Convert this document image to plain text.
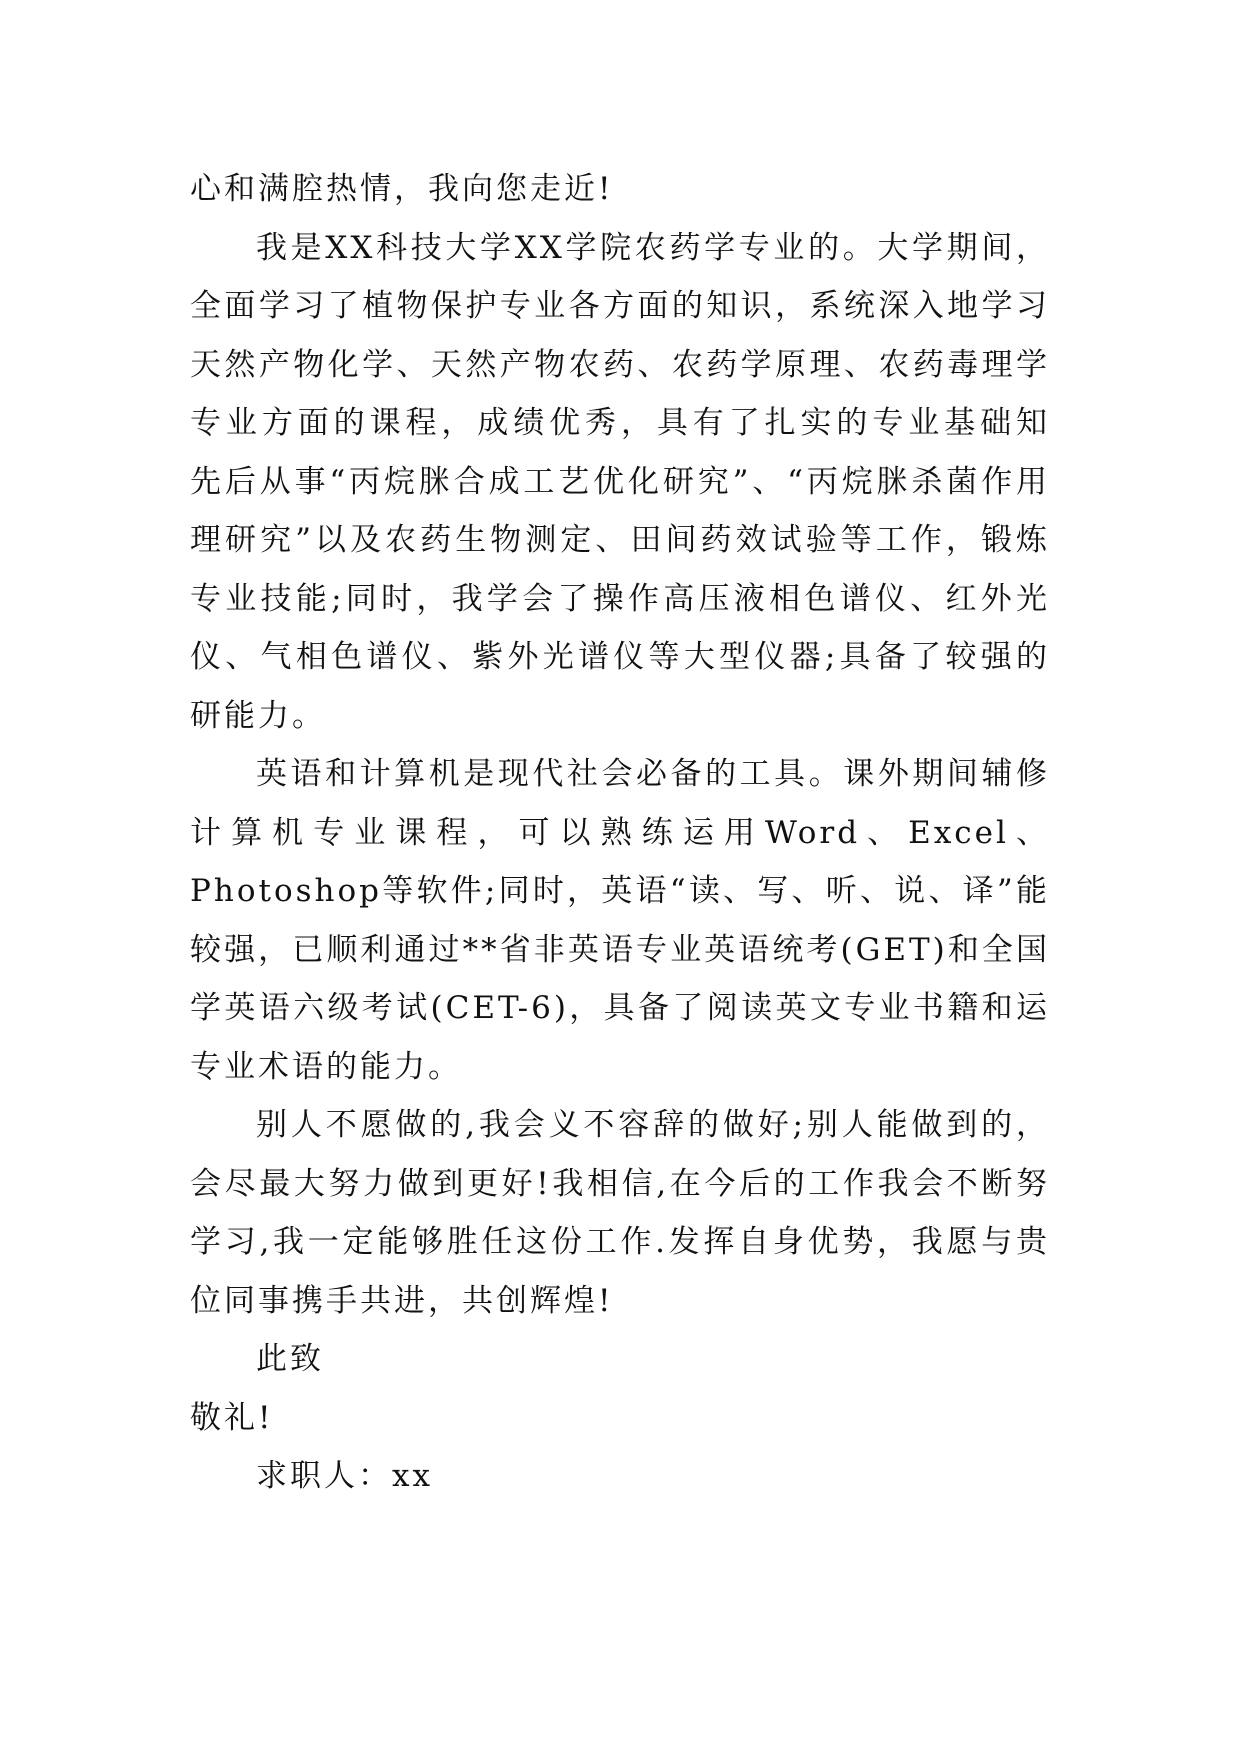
心和满腔热情，我向您走近!
我是XX科技大学XX学院农药学专业的。大学期间，
全面学习了植物保护专业各方面的知识，系统深入地学习
天然产物化学、天然产物农药、农药学原理、农药毒理学
专业方面的课程，成绩优秀，具有了扎实的专业基础知
先后从事“丙烷脒合成工艺优化研究”、“丙烷脒杀菌作用
理研究”以及农药生物测定、田间药效试验等工作，锻炼
专业技能;同时，我学会了操作高压液相色谱仪、红外光
仪、气相色谱仪、紫外光谱仪等大型仪器;具备了较强的
研能力。
英语和计算机是现代社会必备的工具。课外期间辅修
计算机专业课程，可以熟练运用Word、Excel、
Photoshop等软件;同时，英语“读、写、听、说、译”能
较强，已顺利通过**省非英语专业英语统考(GET)和全国
学英语六级考试(CET-6)，具备了阅读英文专业书籍和运
专业术语的能力。
别人不愿做的,我会义不容辞的做好;别人能做到的，
会尽最大努力做到更好!我相信,在今后的工作我会不断努
学习,我一定能够胜任这份工作.发挥自身优势，我愿与贵
位同事携手共进，共创辉煌!
此致
敬礼!
求职人：xx
